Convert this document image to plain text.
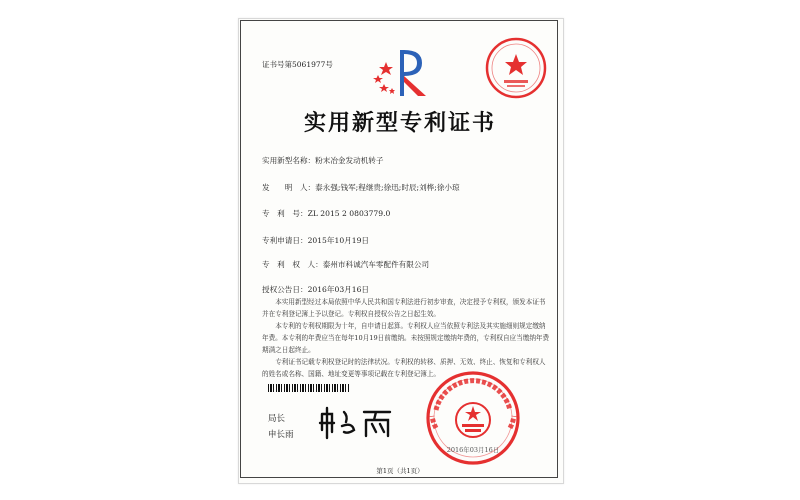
证书号第5061977号
实用新型专利证书
实用新型名称：粉末冶金发动机转子
发　　明　人：泰永强;钱军;程继贵;徐迅;时辰;刘桦;徐小琼
专　利　号：ZL 2015 2 0803779.0
专利申请日：2015年10月19日
专　利　权　人：泰州市科诚汽车零配件有限公司
授权公告日：2016年03月16日

本实用新型经过本局依照中华人民共和国专利法进行初步审查，决定授予专利权，颁发本证书并在专利登记簿上予以登记。专利权自授权公告之日起生效。

本专利的专利权期限为十年，自申请日起算。专利权人应当依照专利法及其实施细则规定缴纳年费。本专利的年费应当在每年10月19日前缴纳。未按照规定缴纳年费的，专利权自应当缴纳年费期满之日起终止。

专利证书记载专利权登记时的法律状况。专利权的转移、质押、无效、终止、恢复和专利权人的姓名或名称、国籍、地址变更等事项记载在专利登记簿上。

局长
申长雨
2016年03月16日
第1页（共1页）
